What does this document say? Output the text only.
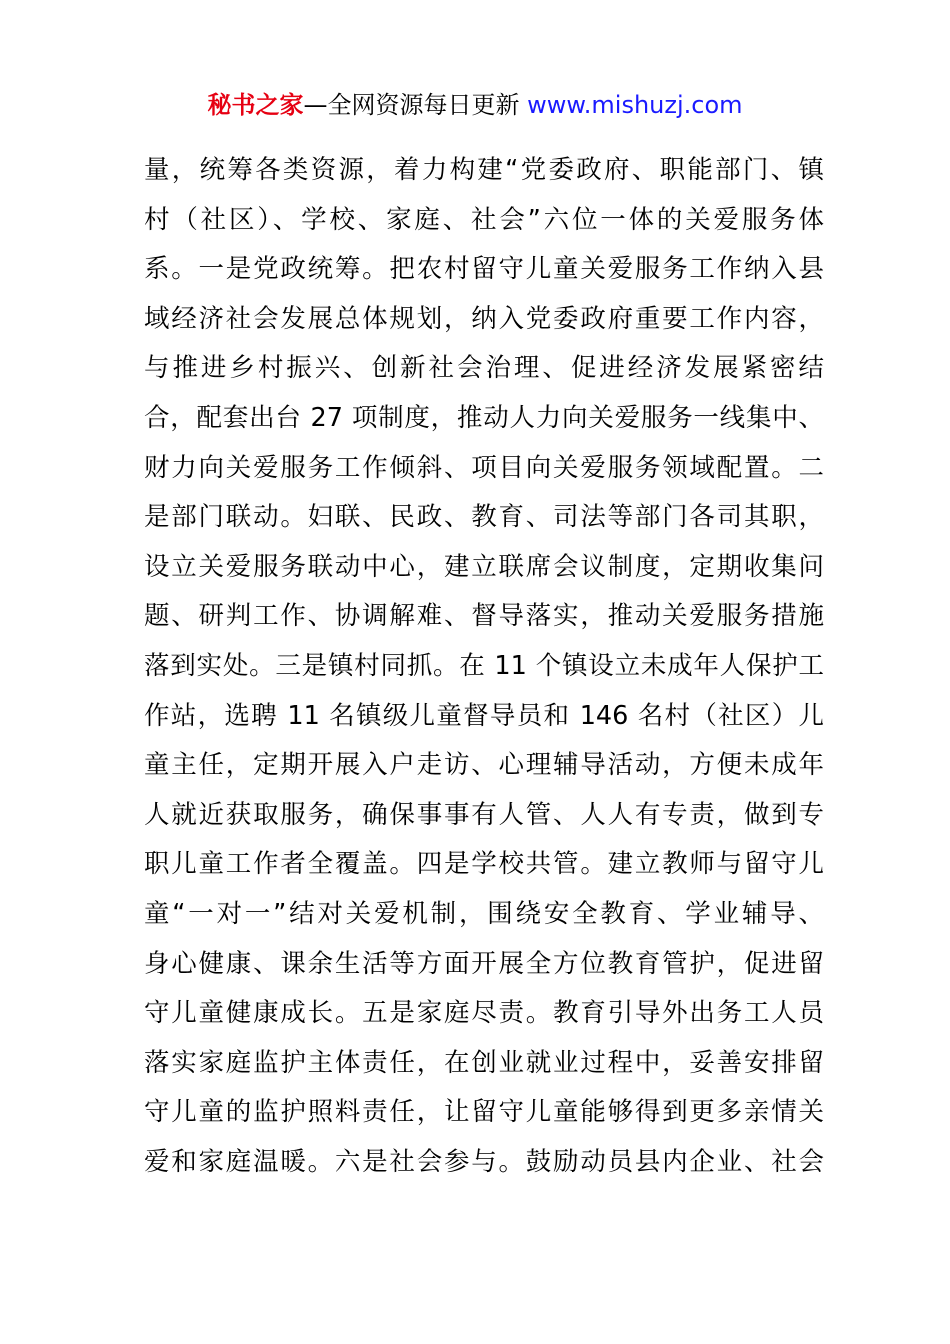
秘书之家—全网资源每日更新 www.mishuzj.com
量，统筹各类资源，着力构建“党委政府、职能部门、镇
村（社区）、学校、家庭、社会”六位一体的关爱服务体
系。一是党政统筹。把农村留守儿童关爱服务工作纳入县
域经济社会发展总体规划，纳入党委政府重要工作内容，
与推进乡村振兴、创新社会治理、促进经济发展紧密结
合，配套出台 27 项制度，推动人力向关爱服务一线集中、
财力向关爱服务工作倾斜、项目向关爱服务领域配置。二
是部门联动。妇联、民政、教育、司法等部门各司其职，
设立关爱服务联动中心，建立联席会议制度，定期收集问
题、研判工作、协调解难、督导落实，推动关爱服务措施
落到实处。三是镇村同抓。在 11 个镇设立未成年人保护工
作站，选聘 11 名镇级儿童督导员和 146 名村（社区）儿
童主任，定期开展入户走访、心理辅导活动，方便未成年
人就近获取服务，确保事事有人管、人人有专责，做到专
职儿童工作者全覆盖。四是学校共管。建立教师与留守儿
童“一对一”结对关爱机制，围绕安全教育、学业辅导、
身心健康、课余生活等方面开展全方位教育管护，促进留
守儿童健康成长。五是家庭尽责。教育引导外出务工人员
落实家庭监护主体责任，在创业就业过程中，妥善安排留
守儿童的监护照料责任，让留守儿童能够得到更多亲情关
爱和家庭温暖。六是社会参与。鼓励动员县内企业、社会
